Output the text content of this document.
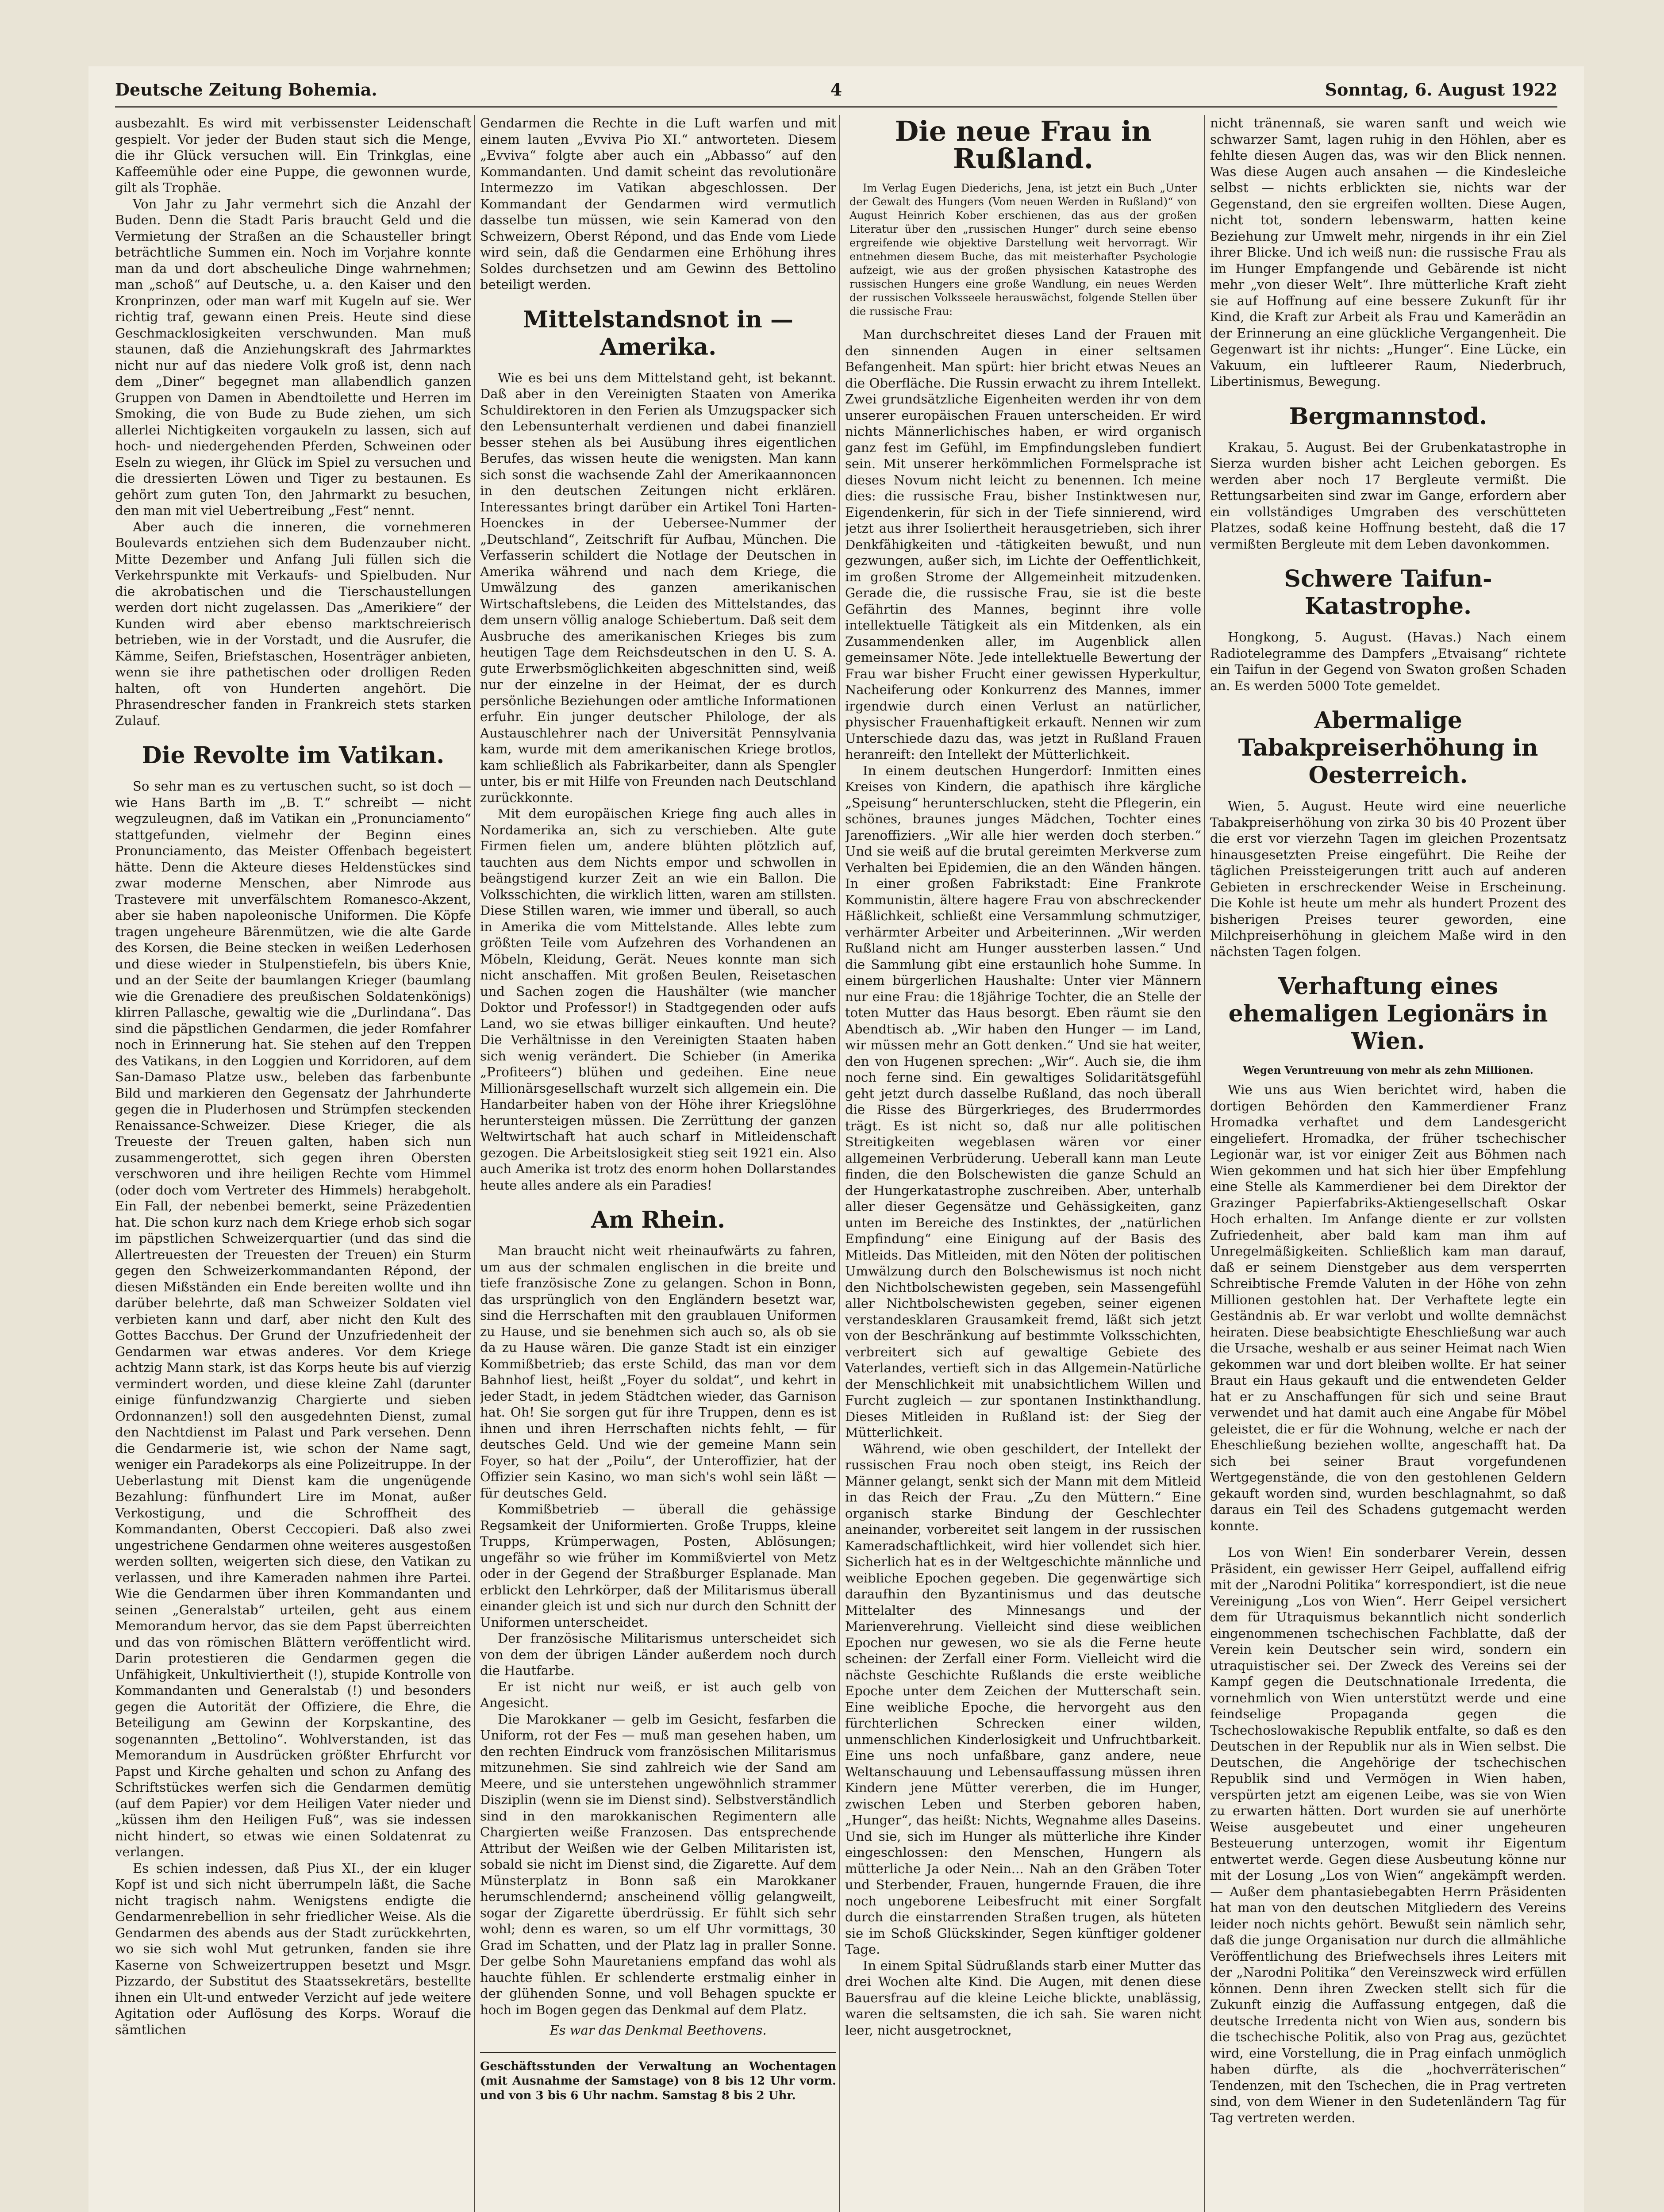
Deutsche Zeitung Bohemia.	4	Sonntag, 6. August 1922

ausbezahlt. Es wird mit verbissenster Leidenschaft gespielt. Vor jeder der Buden staut sich die Menge, die ihr Glück versuchen will. Ein Trinkglas, eine Kaffeemühle oder eine Puppe, die gewonnen wurde, gilt als Trophäe.

Von Jahr zu Jahr vermehrt sich die Anzahl der Buden. Denn die Stadt Paris braucht Geld und die Vermietung der Straßen an die Schausteller bringt beträchtliche Summen ein. Noch im Vorjahre konnte man da und dort abscheuliche Dinge wahrnehmen; man „schoß“ auf Deutsche, u. a. den Kaiser und den Kronprinzen, oder man warf mit Kugeln auf sie. Wer richtig traf, gewann einen Preis. Heute sind diese Geschmacklosigkeiten verschwunden. Man muß staunen, daß die Anziehungskraft des Jahrmarktes nicht nur auf das niedere Volk groß ist, denn nach dem „Diner“ begegnet man allabendlich ganzen Gruppen von Damen in Abendtoilette und Herren im Smoking, die von Bude zu Bude ziehen, um sich allerlei Nichtigkeiten vorgaukeln zu lassen, sich auf hoch- und niedergehenden Pferden, Schweinen oder Eseln zu wiegen, ihr Glück im Spiel zu versuchen und die dressierten Löwen und Tiger zu bestaunen. Es gehört zum guten Ton, den Jahrmarkt zu besuchen, den man mit viel Uebertreibung „Fest“ nennt.

Aber auch die inneren, die vornehmeren Boulevards entziehen sich dem Budenzauber nicht. Mitte Dezember und Anfang Juli füllen sich die Verkehrspunkte mit Verkaufs- und Spielbuden. Nur die akrobatischen und die Tierschaustellungen werden dort nicht zugelassen. Das „Amerikiere“ der Kunden wird aber ebenso marktschreierisch betrieben, wie in der Vorstadt, und die Ausrufer, die Kämme, Seifen, Briefstaschen, Hosenträger anbieten, wenn sie ihre pathetischen oder drolligen Reden halten, oft von Hunderten angehört. Die Phrasendrescher fanden in Frankreich stets starken Zulauf.

Die Revolte im Vatikan.

So sehr man es zu vertuschen sucht, so ist doch — wie Hans Barth im „B. T.“ schreibt — nicht wegzuleugnen, daß im Vatikan ein „Pronunciamento“ stattgefunden, vielmehr der Beginn eines Pronunciamento, das Meister Offenbach begeistert hätte. Denn die Akteure dieses Heldenstückes sind zwar moderne Menschen, aber Nimrode aus Trastevere mit unverfälschtem Romanesco-Akzent, aber sie haben napoleonische Uniformen. Die Köpfe tragen ungeheure Bärenmützen, wie die alte Garde des Korsen, die Beine stecken in weißen Lederhosen und diese wieder in Stulpenstiefeln, bis übers Knie, und an der Seite der baumlangen Krieger (baumlang wie die Grenadiere des preußischen Soldatenkönigs) klirren Pallasche, gewaltig wie die „Durlindana“. Das sind die päpstlichen Gendarmen, die jeder Romfahrer noch in Erinnerung hat. Sie stehen auf den Treppen des Vatikans, in den Loggien und Korridoren, auf dem San-Damaso Platze usw., beleben das farbenbunte Bild und markieren den Gegensatz der Jahrhunderte gegen die in Pluderhosen und Strümpfen steckenden Renaissance-Schweizer. Diese Krieger, die als Treueste der Treuen galten, haben sich nun zusammengerottet, sich gegen ihren Obersten verschworen und ihre heiligen Rechte vom Himmel (oder doch vom Vertreter des Himmels) herabgeholt. Ein Fall, der nebenbei bemerkt, seine Präzedentien hat. Die schon kurz nach dem Kriege erhob sich sogar im päpstlichen Schweizerquartier (und das sind die Allertreuesten der Treuesten der Treuen) ein Sturm gegen den Schweizerkommandanten Répond, der diesen Mißständen ein Ende bereiten wollte und ihn darüber belehrte, daß man Schweizer Soldaten viel verbieten kann und darf, aber nicht den Kult des Gottes Bacchus. Der Grund der Unzufriedenheit der Gendarmen war etwas anderes. Vor dem Kriege achtzig Mann stark, ist das Korps heute bis auf vierzig vermindert worden, und diese kleine Zahl (darunter einige fünfundzwanzig Chargierte und sieben Ordonnanzen!) soll den ausgedehnten Dienst, zumal den Nachtdienst im Palast und Park versehen. Denn die Gendarmerie ist, wie schon der Name sagt, weniger ein Paradekorps als eine Polizeitruppe. In der Ueberlastung mit Dienst kam die ungenügende Bezahlung: fünfhundert Lire im Monat, außer Verkostigung, und die Schroffheit des Kommandanten, Oberst Ceccopieri. Daß also zwei ungestrichene Gendarmen ohne weiteres ausgestoßen werden sollten, weigerten sich diese, den Vatikan zu verlassen, und ihre Kameraden nahmen ihre Partei. Wie die Gendarmen über ihren Kommandanten und seinen „Generalstab“ urteilen, geht aus einem Memorandum hervor, das sie dem Papst überreichten und das von römischen Blättern veröffentlicht wird. Darin protestieren die Gendarmen gegen die Unfähigkeit, Unkultiviertheit (!), stupide Kontrolle von Kommandanten und Generalstab (!) und besonders gegen die Autorität der Offiziere, die Ehre, die Beteiligung am Gewinn der Korpskantine, des sogenannten „Bettolino“. Wohlverstanden, ist das Memorandum in Ausdrücken größter Ehrfurcht vor Papst und Kirche gehalten und schon zu Anfang des Schriftstückes werfen sich die Gendarmen demütig (auf dem Papier) vor dem Heiligen Vater nieder und „küssen ihm den Heiligen Fuß“, was sie indessen nicht hindert, so etwas wie einen Soldatenrat zu verlangen.

Es schien indessen, daß Pius XI., der ein kluger Kopf ist und sich nicht überrumpeln läßt, die Sache nicht tragisch nahm. Wenigstens endigte die Gendarmenrebellion in sehr friedlicher Weise. Als die Gendarmen des abends aus der Stadt zurückkehrten, wo sie sich wohl Mut getrunken, fanden sie ihre Kaserne von Schweizertruppen besetzt und Msgr. Pizzardo, der Substitut des Staatssekretärs, bestellte ihnen ein Ult-und entweder Verzicht auf jede weitere Agitation oder Auflösung des Korps. Worauf die sämtlichen

Gendarmen die Rechte in die Luft warfen und mit einem lauten „Evviva Pio XI.“ antworteten. Diesem „Evviva“ folgte aber auch ein „Abbasso“ auf den Kommandanten. Und damit scheint das revolutionäre Intermezzo im Vatikan abgeschlossen. Der Kommandant der Gendarmen wird vermutlich dasselbe tun müssen, wie sein Kamerad von den Schweizern, Oberst Répond, und das Ende vom Liede wird sein, daß die Gendarmen eine Erhöhung ihres Soldes durchsetzen und am Gewinn des Bettolino beteiligt werden.

Mittelstandsnot in — Amerika.

Wie es bei uns dem Mittelstand geht, ist bekannt. Daß aber in den Vereinigten Staaten von Amerika Schuldirektoren in den Ferien als Umzugspacker sich den Lebensunterhalt verdienen und dabei finanziell besser stehen als bei Ausübung ihres eigentlichen Berufes, das wissen heute die wenigsten. Man kann sich sonst die wachsende Zahl der Amerikaannoncen in den deutschen Zeitungen nicht erklären. Interessantes bringt darüber ein Artikel Toni Harten-Hoenckes in der Uebersee-Nummer der „Deutschland“, Zeitschrift für Aufbau, München. Die Verfasserin schildert die Notlage der Deutschen in Amerika während und nach dem Kriege, die Umwälzung des ganzen amerikanischen Wirtschaftslebens, die Leiden des Mittelstandes, das dem unsern völlig analoge Schiebertum. Daß seit dem Ausbruche des amerikanischen Krieges bis zum heutigen Tage dem Reichsdeutschen in den U. S. A. gute Erwerbsmöglichkeiten abgeschnitten sind, weiß nur der einzelne in der Heimat, der es durch persönliche Beziehungen oder amtliche Informationen erfuhr. Ein junger deutscher Philologe, der als Austauschlehrer nach der Universität Pennsylvania kam, wurde mit dem amerikanischen Kriege brotlos, kam schließlich als Fabrikarbeiter, dann als Spengler unter, bis er mit Hilfe von Freunden nach Deutschland zurückkonnte.

Mit dem europäischen Kriege fing auch alles in Nordamerika an, sich zu verschieben. Alte gute Firmen fielen um, andere blühten plötzlich auf, tauchten aus dem Nichts empor und schwollen in beängstigend kurzer Zeit an wie ein Ballon. Die Volksschichten, die wirklich litten, waren am stillsten. Diese Stillen waren, wie immer und überall, so auch in Amerika die vom Mittelstande. Alles lebte zum größten Teile vom Aufzehren des Vorhandenen an Möbeln, Kleidung, Gerät. Neues konnte man sich nicht anschaffen. Mit großen Beulen, Reisetaschen und Sachen zogen die Haushälter (wie mancher Doktor und Professor!) in Stadtgegenden oder aufs Land, wo sie etwas billiger einkauften. Und heute? Die Verhältnisse in den Vereinigten Staaten haben sich wenig verändert. Die Schieber (in Amerika „Profiteers“) blühen und gedeihen. Eine neue Millionärsgesellschaft wurzelt sich allgemein ein. Die Handarbeiter haben von der Höhe ihrer Kriegslöhne heruntersteigen müssen. Die Zerrüttung der ganzen Weltwirtschaft hat auch scharf in Mitleidenschaft gezogen. Die Arbeitslosigkeit stieg seit 1921 ein. Also auch Amerika ist trotz des enorm hohen Dollarstandes heute alles andere als ein Paradies!

Am Rhein.

Man braucht nicht weit rheinaufwärts zu fahren, um aus der schmalen englischen in die breite und tiefe französische Zone zu gelangen. Schon in Bonn, das ursprünglich von den Engländern besetzt war, sind die Herrschaften mit den graublauen Uniformen zu Hause, und sie benehmen sich auch so, als ob sie da zu Hause wären. Die ganze Stadt ist ein einziger Kommißbetrieb; das erste Schild, das man vor dem Bahnhof liest, heißt „Foyer du soldat“, und kehrt in jeder Stadt, in jedem Städtchen wieder, das Garnison hat. Oh! Sie sorgen gut für ihre Truppen, denn es ist ihnen und ihren Herrschaften nichts fehlt, — für deutsches Geld. Und wie der gemeine Mann sein Foyer, so hat der „Poilu“, der Unteroffizier, hat der Offizier sein Kasino, wo man sich's wohl sein läßt — für deutsches Geld.

Kommißbetrieb — überall die gehässige Regsamkeit der Uniformierten. Große Trupps, kleine Trupps, Krümperwagen, Posten, Ablösungen; ungefähr so wie früher im Kommißviertel von Metz oder in der Gegend der Straßburger Esplanade. Man erblickt den Lehrkörper, daß der Militarismus überall einander gleich ist und sich nur durch den Schnitt der Uniformen unterscheidet.

Der französische Militarismus unterscheidet sich von dem der übrigen Länder außerdem noch durch die Hautfarbe.

Er ist nicht nur weiß, er ist auch gelb von Angesicht.

Die Marokkaner — gelb im Gesicht, fesfarben die Uniform, rot der Fes — muß man gesehen haben, um den rechten Eindruck vom französischen Militarismus mitzunehmen. Sie sind zahlreich wie der Sand am Meere, und sie unterstehen ungewöhnlich strammer Disziplin (wenn sie im Dienst sind). Selbstverständlich sind in den marokkanischen Regimentern alle Chargierten weiße Franzosen. Das entsprechende Attribut der Weißen wie der Gelben Militaristen ist, sobald sie nicht im Dienst sind, die Zigarette. Auf dem Münsterplatz in Bonn saß ein Marokkaner herumschlendernd; anscheinend völlig gelangweilt, sogar der Zigarette überdrüssig. Er fühlt sich sehr wohl; denn es waren, so um elf Uhr vormittags, 30 Grad im Schatten, und der Platz lag in praller Sonne. Der gelbe Sohn Mauretaniens empfand das wohl als hauchte fühlen. Er schlenderte erstmalig einher in der glühenden Sonne, und voll Behagen spuckte er hoch im Bogen gegen das Denkmal auf dem Platz.

Es war das Denkmal Beethovens.

Geschäftsstunden der Verwaltung an Wochentagen (mit Ausnahme der Samstage) von 8 bis 12 Uhr vorm. und von 3 bis 6 Uhr nachm. Samstag 8 bis 2 Uhr.
Die neue Frau in Rußland.

Im Verlag Eugen Diederichs, Jena, ist jetzt ein Buch „Unter der Gewalt des Hungers (Vom neuen Werden in Rußland)“ von August Heinrich Kober erschienen, das aus der großen Literatur über den „russischen Hunger“ durch seine ebenso ergreifende wie objektive Darstellung weit hervorragt. Wir entnehmen diesem Buche, das mit meisterhafter Psychologie aufzeigt, wie aus der großen physischen Katastrophe des russischen Hungers eine große Wandlung, ein neues Werden der russischen Volksseele herauswächst, folgende Stellen über die russische Frau:

Man durchschreitet dieses Land der Frauen mit den sinnenden Augen in einer seltsamen Befangenheit. Man spürt: hier bricht etwas Neues an die Oberfläche. Die Russin erwacht zu ihrem Intellekt. Zwei grundsätzliche Eigenheiten werden ihr von dem unserer europäischen Frauen unterscheiden. Er wird nichts Männerlichisches haben, er wird organisch ganz fest im Gefühl, im Empfindungsleben fundiert sein. Mit unserer herkömmlichen Formelsprache ist dieses Novum nicht leicht zu benennen. Ich meine dies: die russische Frau, bisher Instinktwesen nur, Eigendenkerin, für sich in der Tiefe sinnierend, wird jetzt aus ihrer Isoliertheit herausgetrieben, sich ihrer Denkfähigkeiten und -tätigkeiten bewußt, und nun gezwungen, außer sich, im Lichte der Oeffentlichkeit, im großen Strome der Allgemeinheit mitzudenken. Gerade die, die russische Frau, sie ist die beste Gefährtin des Mannes, beginnt ihre volle intellektuelle Tätigkeit als ein Mitdenken, als ein Zusammendenken aller, im Augenblick allen gemeinsamer Nöte. Jede intellektuelle Bewertung der Frau war bisher Frucht einer gewissen Hyperkultur, Nacheiferung oder Konkurrenz des Mannes, immer irgendwie durch einen Verlust an natürlicher, physischer Frauenhaftigkeit erkauft. Nennen wir zum Unterschiede dazu das, was jetzt in Rußland Frauen heranreift: den Intellekt der Mütterlichkeit.

In einem deutschen Hungerdorf: Inmitten eines Kreises von Kindern, die apathisch ihre kärgliche „Speisung“ herunterschlucken, steht die Pflegerin, ein schönes, braunes junges Mädchen, Tochter eines Jarenoffiziers. „Wir alle hier werden doch sterben.“ Und sie weiß auf die brutal gereimten Merkverse zum Verhalten bei Epidemien, die an den Wänden hängen. In einer großen Fabrikstadt: Eine Frankrote Kommunistin, ältere hagere Frau von abschreckender Häßlichkeit, schließt eine Versammlung schmutziger, verhärmter Arbeiter und Arbeiterinnen. „Wir werden Rußland nicht am Hunger aussterben lassen.“ Und die Sammlung gibt eine erstaunlich hohe Summe. In einem bürgerlichen Haushalte: Unter vier Männern nur eine Frau: die 18jährige Tochter, die an Stelle der toten Mutter das Haus besorgt. Eben räumt sie den Abendtisch ab. „Wir haben den Hunger — im Land, wir müssen mehr an Gott denken.“ Und sie hat weiter, den von Hugenen sprechen: „Wir“. Auch sie, die ihm noch ferne sind. Ein gewaltiges Solidaritätsgefühl geht jetzt durch dasselbe Rußland, das noch überall die Risse des Bürgerkrieges, des Bruderrmordes trägt. Es ist nicht so, daß nur alle politischen Streitigkeiten wegeblasen wären vor einer allgemeinen Verbrüderung. Ueberall kann man Leute finden, die den Bolschewisten die ganze Schuld an der Hungerkatastrophe zuschreiben. Aber, unterhalb aller dieser Gegensätze und Gehässigkeiten, ganz unten im Bereiche des Instinktes, der „natürlichen Empfindung“ eine Einigung auf der Basis des Mitleids. Das Mitleiden, mit den Nöten der politischen Umwälzung durch den Bolschewismus ist noch nicht den Nichtbolschewisten gegeben, sein Massengefühl aller Nichtbolschewisten gegeben, seiner eigenen verstandesklaren Grausamkeit fremd, läßt sich jetzt von der Beschränkung auf bestimmte Volksschichten, verbreitert sich auf gewaltige Gebiete des Vaterlandes, vertieft sich in das Allgemein-Natürliche der Menschlichkeit mit unabsichtlichem Willen und Furcht zugleich — zur spontanen Instinkthandlung. Dieses Mitleiden in Rußland ist: der Sieg der Mütterlichkeit.

Während, wie oben geschildert, der Intellekt der russischen Frau noch oben steigt, ins Reich der Männer gelangt, senkt sich der Mann mit dem Mitleid in das Reich der Frau. „Zu den Müttern.“ Eine organisch starke Bindung der Geschlechter aneinander, vorbereitet seit langem in der russischen Kameradschaftlichkeit, wird hier vollendet sich hier. Sicherlich hat es in der Weltgeschichte männliche und weibliche Epochen gegeben. Die gegenwärtige sich daraufhin den Byzantinismus und das deutsche Mittelalter des Minnesangs und der Marienverehrung. Vielleicht sind diese weiblichen Epochen nur gewesen, wo sie als die Ferne heute scheinen: der Zerfall einer Form. Vielleicht wird die nächste Geschichte Rußlands die erste weibliche Epoche unter dem Zeichen der Mutterschaft sein. Eine weibliche Epoche, die hervorgeht aus den fürchterlichen Schrecken einer wilden, unmenschlichen Kinderlosigkeit und Unfruchtbarkeit. Eine uns noch unfaßbare, ganz andere, neue Weltanschauung und Lebensauffassung müssen ihren Kindern jene Mütter vererben, die im Hunger, zwischen Leben und Sterben geboren haben, „Hunger“, das heißt: Nichts, Wegnahme alles Daseins. Und sie, sich im Hunger als mütterliche ihre Kinder eingeschlossen: den Menschen, Hungern als mütterliche Ja oder Nein... Nah an den Gräben Toter und Sterbender, Frauen, hungernde Frauen, die ihre noch ungeborene Leibesfrucht mit einer Sorgfalt durch die einstarrenden Straßen trugen, als hüteten sie im Schoß Glückskinder, Segen künftiger goldener Tage.

In einem Spital Südrußlands starb einer Mutter das drei Wochen alte Kind. Die Augen, mit denen diese Bauersfrau auf die kleine Leiche blickte, unablässig, waren die seltsamsten, die ich sah. Sie waren nicht leer, nicht ausgetrocknet,

nicht tränennaß, sie waren sanft und weich wie schwarzer Samt, lagen ruhig in den Höhlen, aber es fehlte diesen Augen das, was wir den Blick nennen. Was diese Augen auch ansahen — die Kindesleiche selbst — nichts erblickten sie, nichts war der Gegenstand, den sie ergreifen wollten. Diese Augen, nicht tot, sondern lebenswarm, hatten keine Beziehung zur Umwelt mehr, nirgends in ihr ein Ziel ihrer Blicke. Und ich weiß nun: die russische Frau als im Hunger Empfangende und Gebärende ist nicht mehr „von dieser Welt“. Ihre mütterliche Kraft zieht sie auf Hoffnung auf eine bessere Zukunft für ihr Kind, die Kraft zur Arbeit als Frau und Kamerädin an der Erinnerung an eine glückliche Vergangenheit. Die Gegenwart ist ihr nichts: „Hunger“. Eine Lücke, ein Vakuum, ein luftleerer Raum, Niederbruch, Libertinismus, Bewegung.

Bergmannstod.

Krakau, 5. August. Bei der Grubenkatastrophe in Sierza wurden bisher acht Leichen geborgen. Es werden aber noch 17 Bergleute vermißt. Die Rettungsarbeiten sind zwar im Gange, erfordern aber ein vollständiges Umgraben des verschütteten Platzes, sodaß keine Hoffnung besteht, daß die 17 vermißten Bergleute mit dem Leben davonkommen.

Schwere Taifun-Katastrophe.

Hongkong, 5. August. (Havas.) Nach einem Radiotelegramme des Dampfers „Etvaisang“ richtete ein Taifun in der Gegend von Swaton großen Schaden an. Es werden 5000 Tote gemeldet.

Abermalige Tabakpreiserhöhung in Oesterreich.

Wien, 5. August. Heute wird eine neuerliche Tabakpreiserhöhung von zirka 30 bis 40 Prozent über die erst vor vierzehn Tagen im gleichen Prozentsatz hinausgesetzten Preise eingeführt. Die Reihe der täglichen Preissteigerungen tritt auch auf anderen Gebieten in erschreckender Weise in Erscheinung. Die Kohle ist heute um mehr als hundert Prozent des bisherigen Preises teurer geworden, eine Milchpreiserhöhung in gleichem Maße wird in den nächsten Tagen folgen.

Verhaftung eines ehemaligen Legionärs in Wien.

Wegen Veruntreuung von mehr als zehn Millionen.

Wie uns aus Wien berichtet wird, haben die dortigen Behörden den Kammerdiener Franz Hromadka verhaftet und dem Landesgericht eingeliefert. Hromadka, der früher tschechischer Legionär war, ist vor einiger Zeit aus Böhmen nach Wien gekommen und hat sich hier über Empfehlung eine Stelle als Kammerdiener bei dem Direktor der Grazinger Papierfabriks-Aktiengesellschaft Oskar Hoch erhalten. Im Anfange diente er zur vollsten Zufriedenheit, aber bald kam man ihm auf Unregelmäßigkeiten. Schließlich kam man darauf, daß er seinem Dienstgeber aus dem versperrten Schreibtische Fremde Valuten in der Höhe von zehn Millionen gestohlen hat. Der Verhaftete legte ein Geständnis ab. Er war verlobt und wollte demnächst heiraten. Diese beabsichtigte Eheschließung war auch die Ursache, weshalb er aus seiner Heimat nach Wien gekommen war und dort bleiben wollte. Er hat seiner Braut ein Haus gekauft und die entwendeten Gelder hat er zu Anschaffungen für sich und seine Braut verwendet und hat damit auch eine Angabe für Möbel geleistet, die er für die Wohnung, welche er nach der Eheschließung beziehen wollte, angeschafft hat. Da sich bei seiner Braut vorgefundenen Wertgegenstände, die von den gestohlenen Geldern gekauft worden sind, wurden beschlagnahmt, so daß daraus ein Teil des Schadens gutgemacht werden konnte.

Los von Wien! Ein sonderbarer Verein, dessen Präsident, ein gewisser Herr Geipel, auffallend eifrig mit der „Narodni Politika“ korrespondiert, ist die neue Vereinigung „Los von Wien“. Herr Geipel versichert dem für Utraquismus bekanntlich nicht sonderlich eingenommenen tschechischen Fachblatte, daß der Verein kein Deutscher sein wird, sondern ein utraquistischer sei. Der Zweck des Vereins sei der Kampf gegen die Deutschnationale Irredenta, die vornehmlich von Wien unterstützt werde und eine feindselige Propaganda gegen die Tschechoslowakische Republik entfalte, so daß es den Deutschen in der Republik nur als in Wien selbst. Die Deutschen, die Angehörige der tschechischen Republik sind und Vermögen in Wien haben, verspürten jetzt am eigenen Leibe, was sie von Wien zu erwarten hätten. Dort wurden sie auf unerhörte Weise ausgebeutet und einer ungeheuren Besteuerung unterzogen, womit ihr Eigentum entwertet werde. Gegen diese Ausbeutung könne nur mit der Losung „Los von Wien“ angekämpft werden. — Außer dem phantasiebegabten Herrn Präsidenten hat man von den deutschen Mitgliedern des Vereins leider noch nichts gehört. Bewußt sein nämlich sehr, daß die junge Organisation nur durch die allmähliche Veröffentlichung des Briefwechsels ihres Leiters mit der „Narodni Politika“ den Vereinszweck wird erfüllen können. Denn ihren Zwecken stellt sich für die Zukunft einzig die Auffassung entgegen, daß die deutsche Irredenta nicht von Wien aus, sondern bis die tschechische Politik, also von Prag aus, gezüchtet wird, eine Vorstellung, die in Prag einfach unmöglich haben dürfte, als die „hochverräterischen“ Tendenzen, mit den Tschechen, die in Prag vertreten sind, von dem Wiener in den Sudetenländern Tag für Tag vertreten werden.
